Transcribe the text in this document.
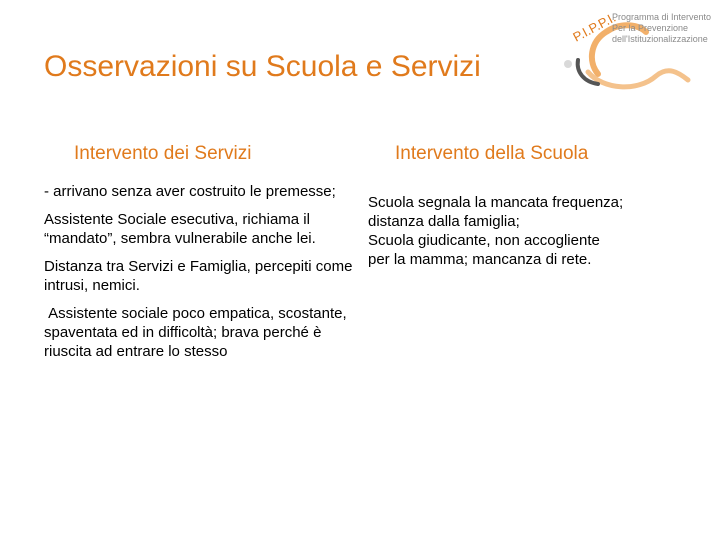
Osservazioni su Scuola e Servizi
P.I.P.P.I.
Programma di Intervento
Per la Prevenzione
dell'Istituzionalizzazione
Intervento dei Servizi	Intervento della Scuola

- arrivano senza aver costruito le premesse;

Assistente Sociale esecutiva, richiama il “mandato”, sembra vulnerabile anche lei.

Distanza tra Servizi e Famiglia, percepiti come intrusi, nemici.

Assistente sociale poco empatica, scostante, spaventata ed in difficoltà; brava perché è riuscita ad entrare lo stesso

Scuola segnala la mancata frequenza;

distanza dalla famiglia;

Scuola giudicante, non accogliente

per la mamma; mancanza di rete.
